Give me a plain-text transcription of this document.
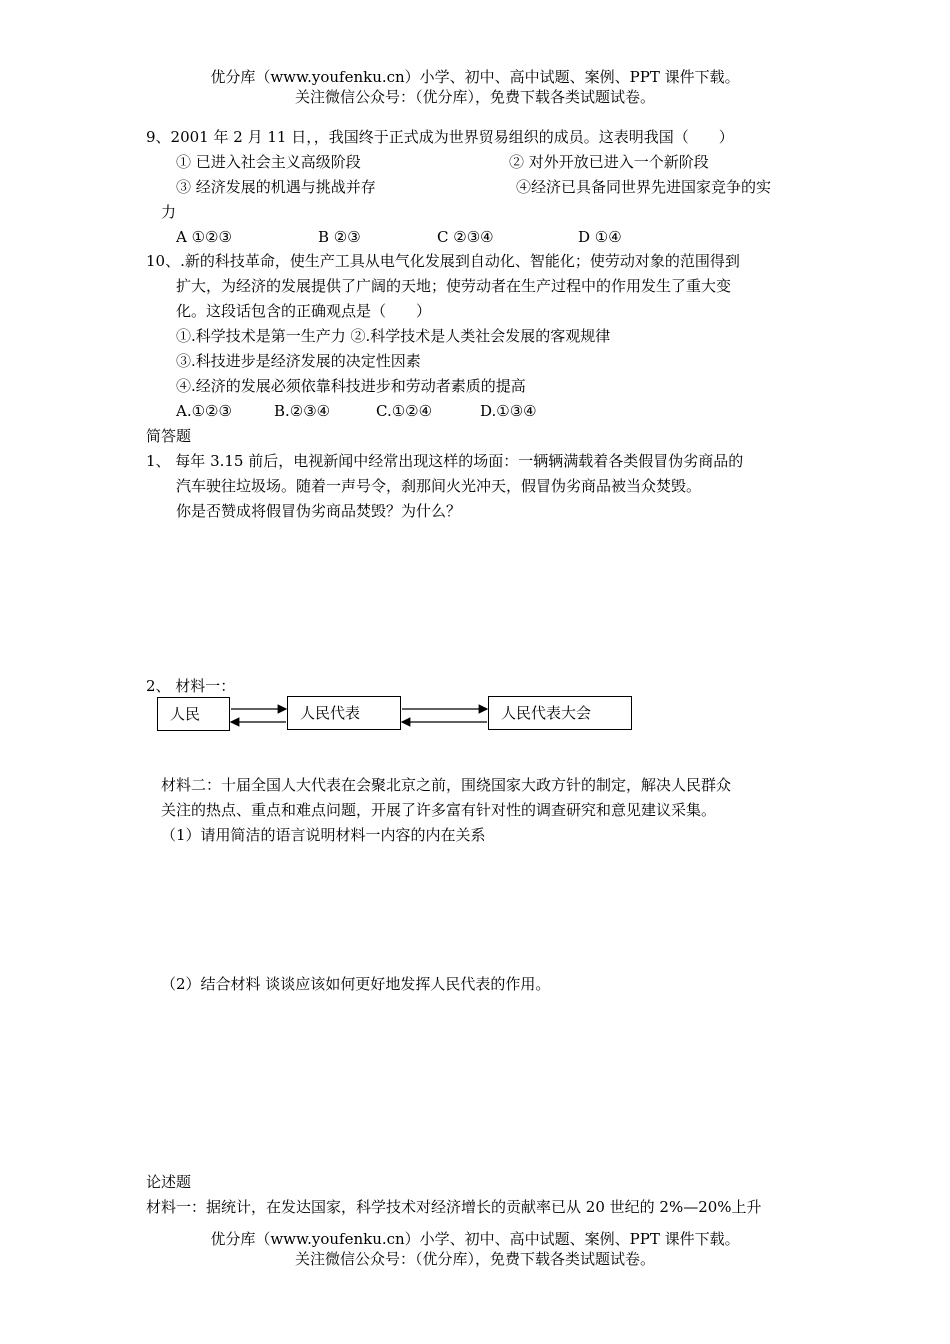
优分库（www.youfenku.cn）小学、初中、高中试题、案例、PPT 课件下载。
关注微信公众号：（优分库），免费下载各类试题试卷。
9、2001 年 2 月 11 日，，我国终于正式成为世界贸易组织的成员。这表明我国（　　）
① 已进入社会主义高级阶段	② 对外开放已进入一个新阶段
③ 经济发展的机遇与挑战并存	④经济已具备同世界先进国家竞争的实
力
A ①②③	B ②③	C ②③④	D ①④
10、.新的科技革命，使生产工具从电气化发展到自动化、智能化；使劳动对象的范围得到
扩大，为经济的发展提供了广阔的天地；使劳动者在生产过程中的作用发生了重大变
化。这段话包含的正确观点是（　　）
①.科学技术是第一生产力 ②.科学技术是人类社会发展的客观规律
③.科技进步是经济发展的决定性因素
④.经济的发展必须依靠科技进步和劳动者素质的提高
A.①②③	B.②③④	C.①②④	D.①③④
简答题
1、 每年 3.15 前后，电视新闻中经常出现这样的场面：一辆辆满载着各类假冒伪劣商品的
汽车驶往垃圾场。随着一声号令，刹那间火光冲天，假冒伪劣商品被当众焚毁。
你是否赞成将假冒伪劣商品焚毁？为什么？
2、 材料一：
人民	人民代表	人民代表大会
材料二：十届全国人大代表在会聚北京之前，围绕国家大政方针的制定，解决人民群众
关注的热点、重点和难点问题，开展了许多富有针对性的调查研究和意见建议采集。
（1）请用简洁的语言说明材料一内容的内在关系
（2）结合材料 谈谈应该如何更好地发挥人民代表的作用。
论述题
材料一：据统计，在发达国家，科学技术对经济增长的贡献率已从 20 世纪的 2%—20%上升
优分库（www.youfenku.cn）小学、初中、高中试题、案例、PPT 课件下载。
关注微信公众号：（优分库），免费下载各类试题试卷。
